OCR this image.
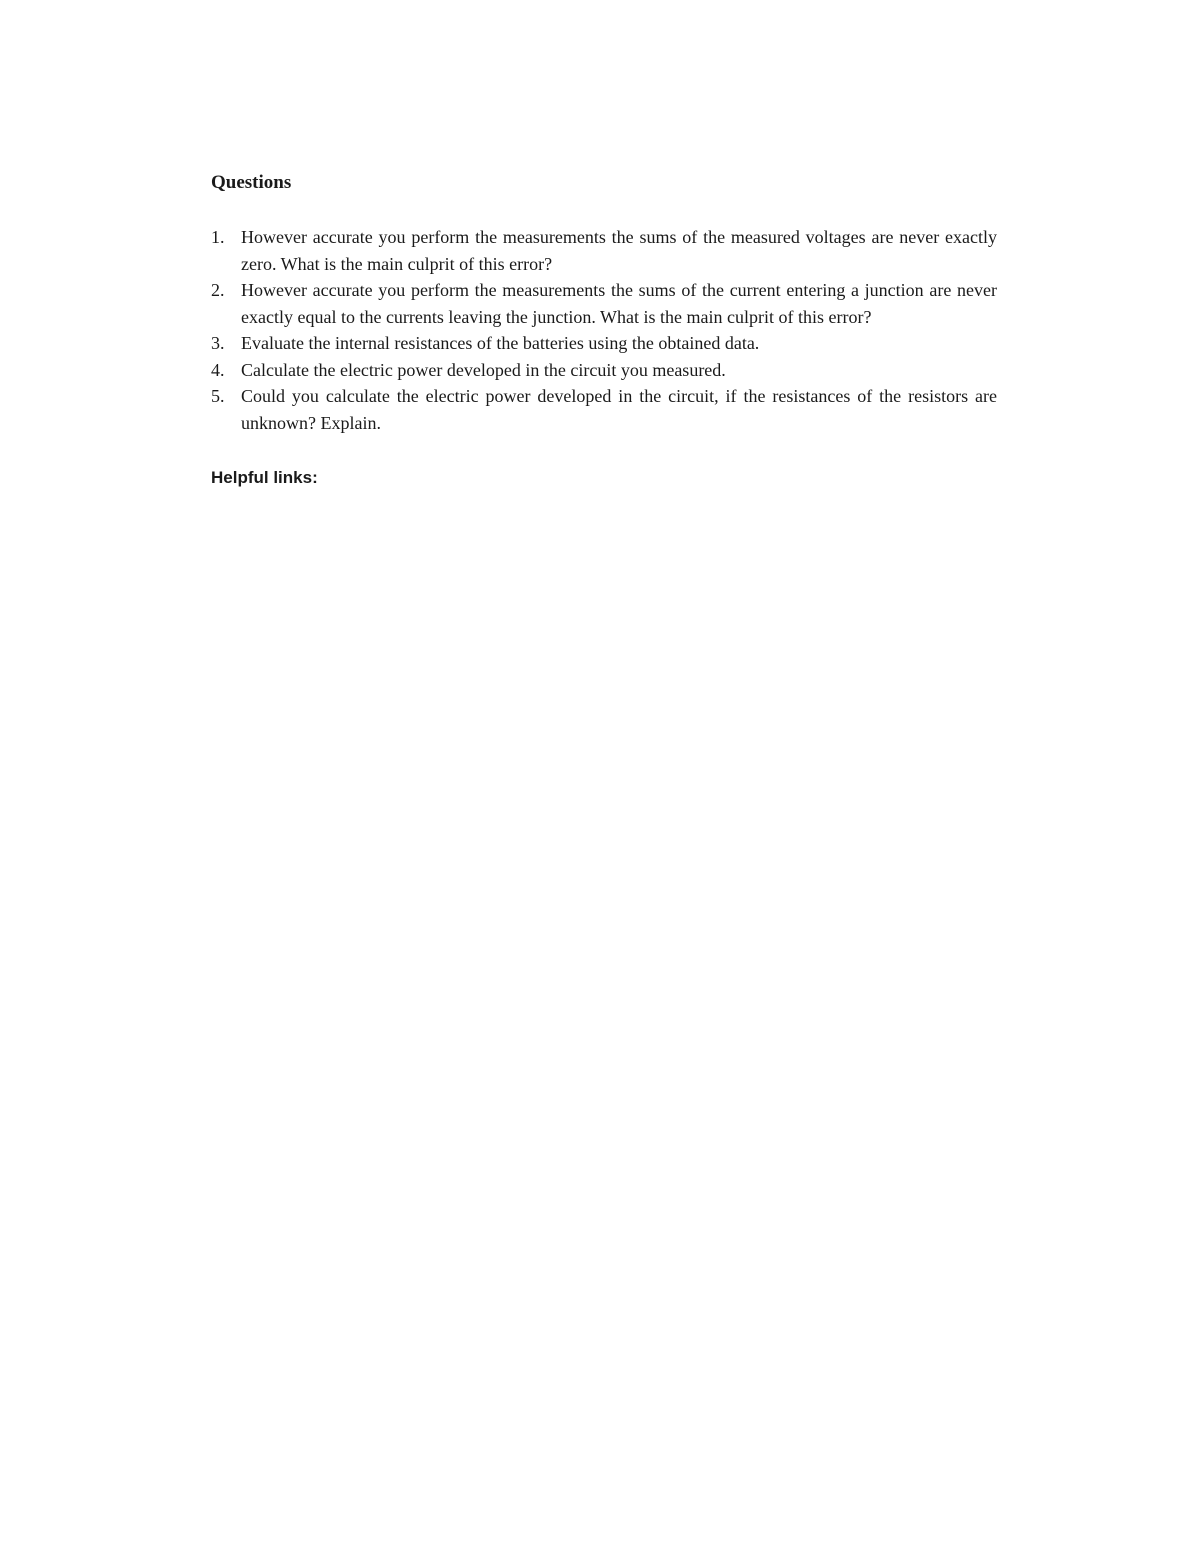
Questions
1. However accurate you perform the measurements the sums of the measured voltages are never exactly zero. What is the main culprit of this error?
2. However accurate you perform the measurements the sums of the current entering a junction are never exactly equal to the currents leaving the junction. What is the main culprit of this error?
3. Evaluate the internal resistances of the batteries using the obtained data.
4. Calculate the electric power developed in the circuit you measured.
5. Could you calculate the electric power developed in the circuit, if the resistances of the resistors are unknown? Explain.

Helpful links:
